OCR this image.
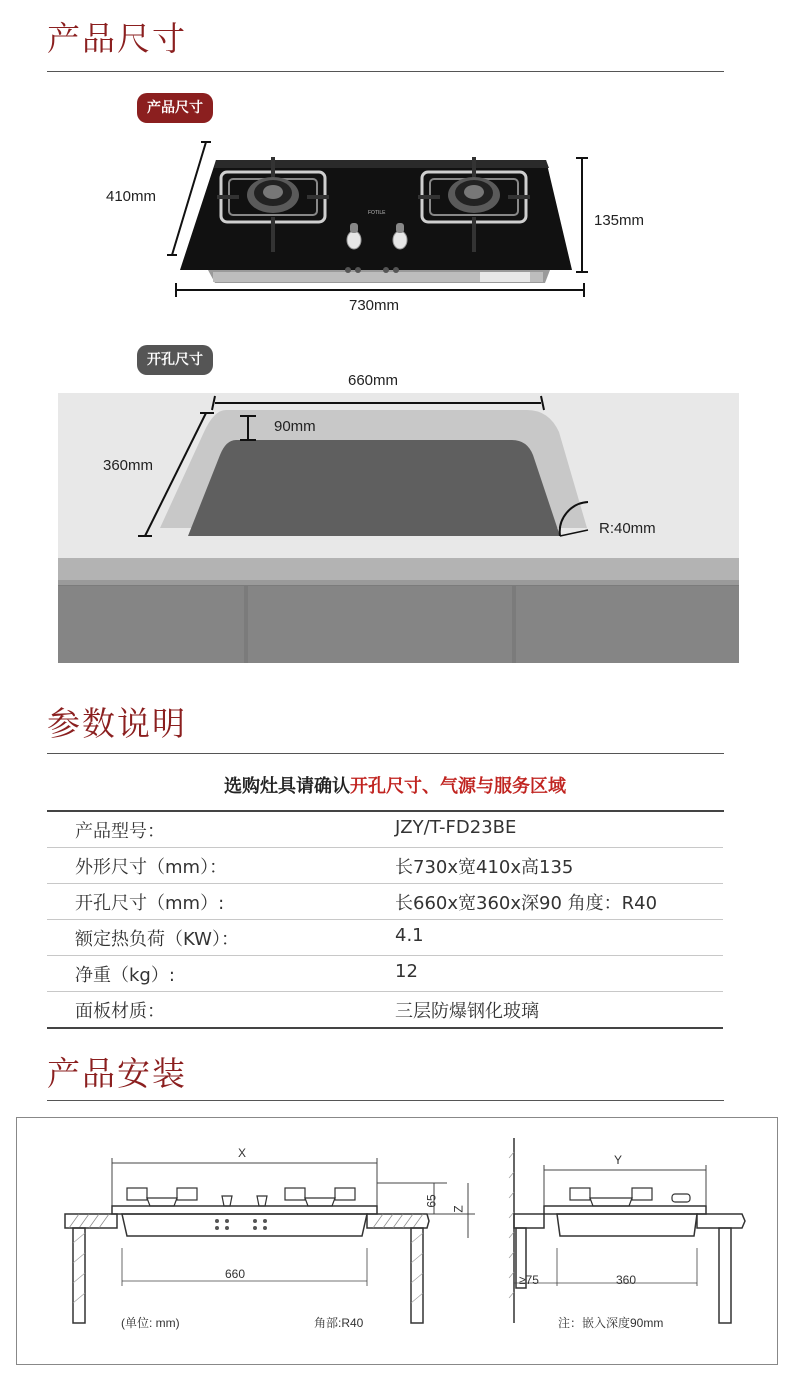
产品尺寸
产品尺寸
FOTILE
410mm
135mm
730mm
开孔尺寸
660mm
360mm
90mm
R:40mm
参数说明
选购灶具请确认开孔尺寸、气源与服务区域
产品型号：	JZY/T-FD23BE
外形尺寸（mm）：	长730x宽410x高135
开孔尺寸（mm）:	长660x宽360x深90 角度：R40
额定热负荷（KW）：	4.1
净重（kg）:	12
面板材质：	三层防爆钢化玻璃
产品安装
X	Y
65
Z
660	360
≥75
(单位: mm)	角部:R40	注：嵌入深度90mm
